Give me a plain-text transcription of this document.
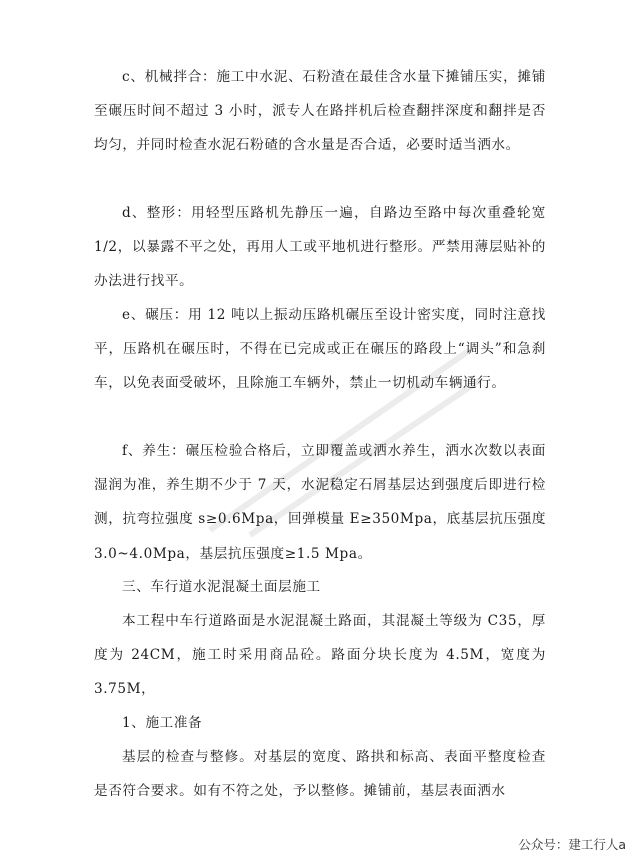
c、机械拌合：施工中水泥、石粉渣在最佳含水量下摊铺压实，摊铺至碾压时间不超过 3 小时，派专人在路拌机后检查翻拌深度和翻拌是否均匀，并同时检查水泥石粉碴的含水量是否合适，必要时适当洒水。

d、整形：用轻型压路机先静压一遍，自路边至路中每次重叠轮宽 1/2，以暴露不平之处，再用人工或平地机进行整形。严禁用薄层贴补的办法进行找平。

e、碾压：用 12 吨以上振动压路机碾压至设计密实度，同时注意找平，压路机在碾压时，不得在已完成或正在碾压的路段上“调头”和急刹车，以免表面受破坏，且除施工车辆外，禁止一切机动车辆通行。

f、养生：碾压检验合格后，立即覆盖或洒水养生，洒水次数以表面湿润为准，养生期不少于 7 天，水泥稳定石屑基层达到强度后即进行检测，抗弯拉强度 s≥0.6Mpa，回弹模量 E≥350Mpa，底基层抗压强度 3.0~4.0Mpa，基层抗压强度≥1.5 Mpa。

三、车行道水泥混凝土面层施工

本工程中车行道路面是水泥混凝土路面，其混凝土等级为 C35，厚度为 24CM，施工时采用商品砼。路面分块长度为 4.5M，宽度为 3.75M，

1、施工准备

基层的检查与整修。对基层的宽度、路拱和标高、表面平整度检查是否符合要求。如有不符之处，予以整修。摊铺前，基层表面洒水

公众号：建工行人a
